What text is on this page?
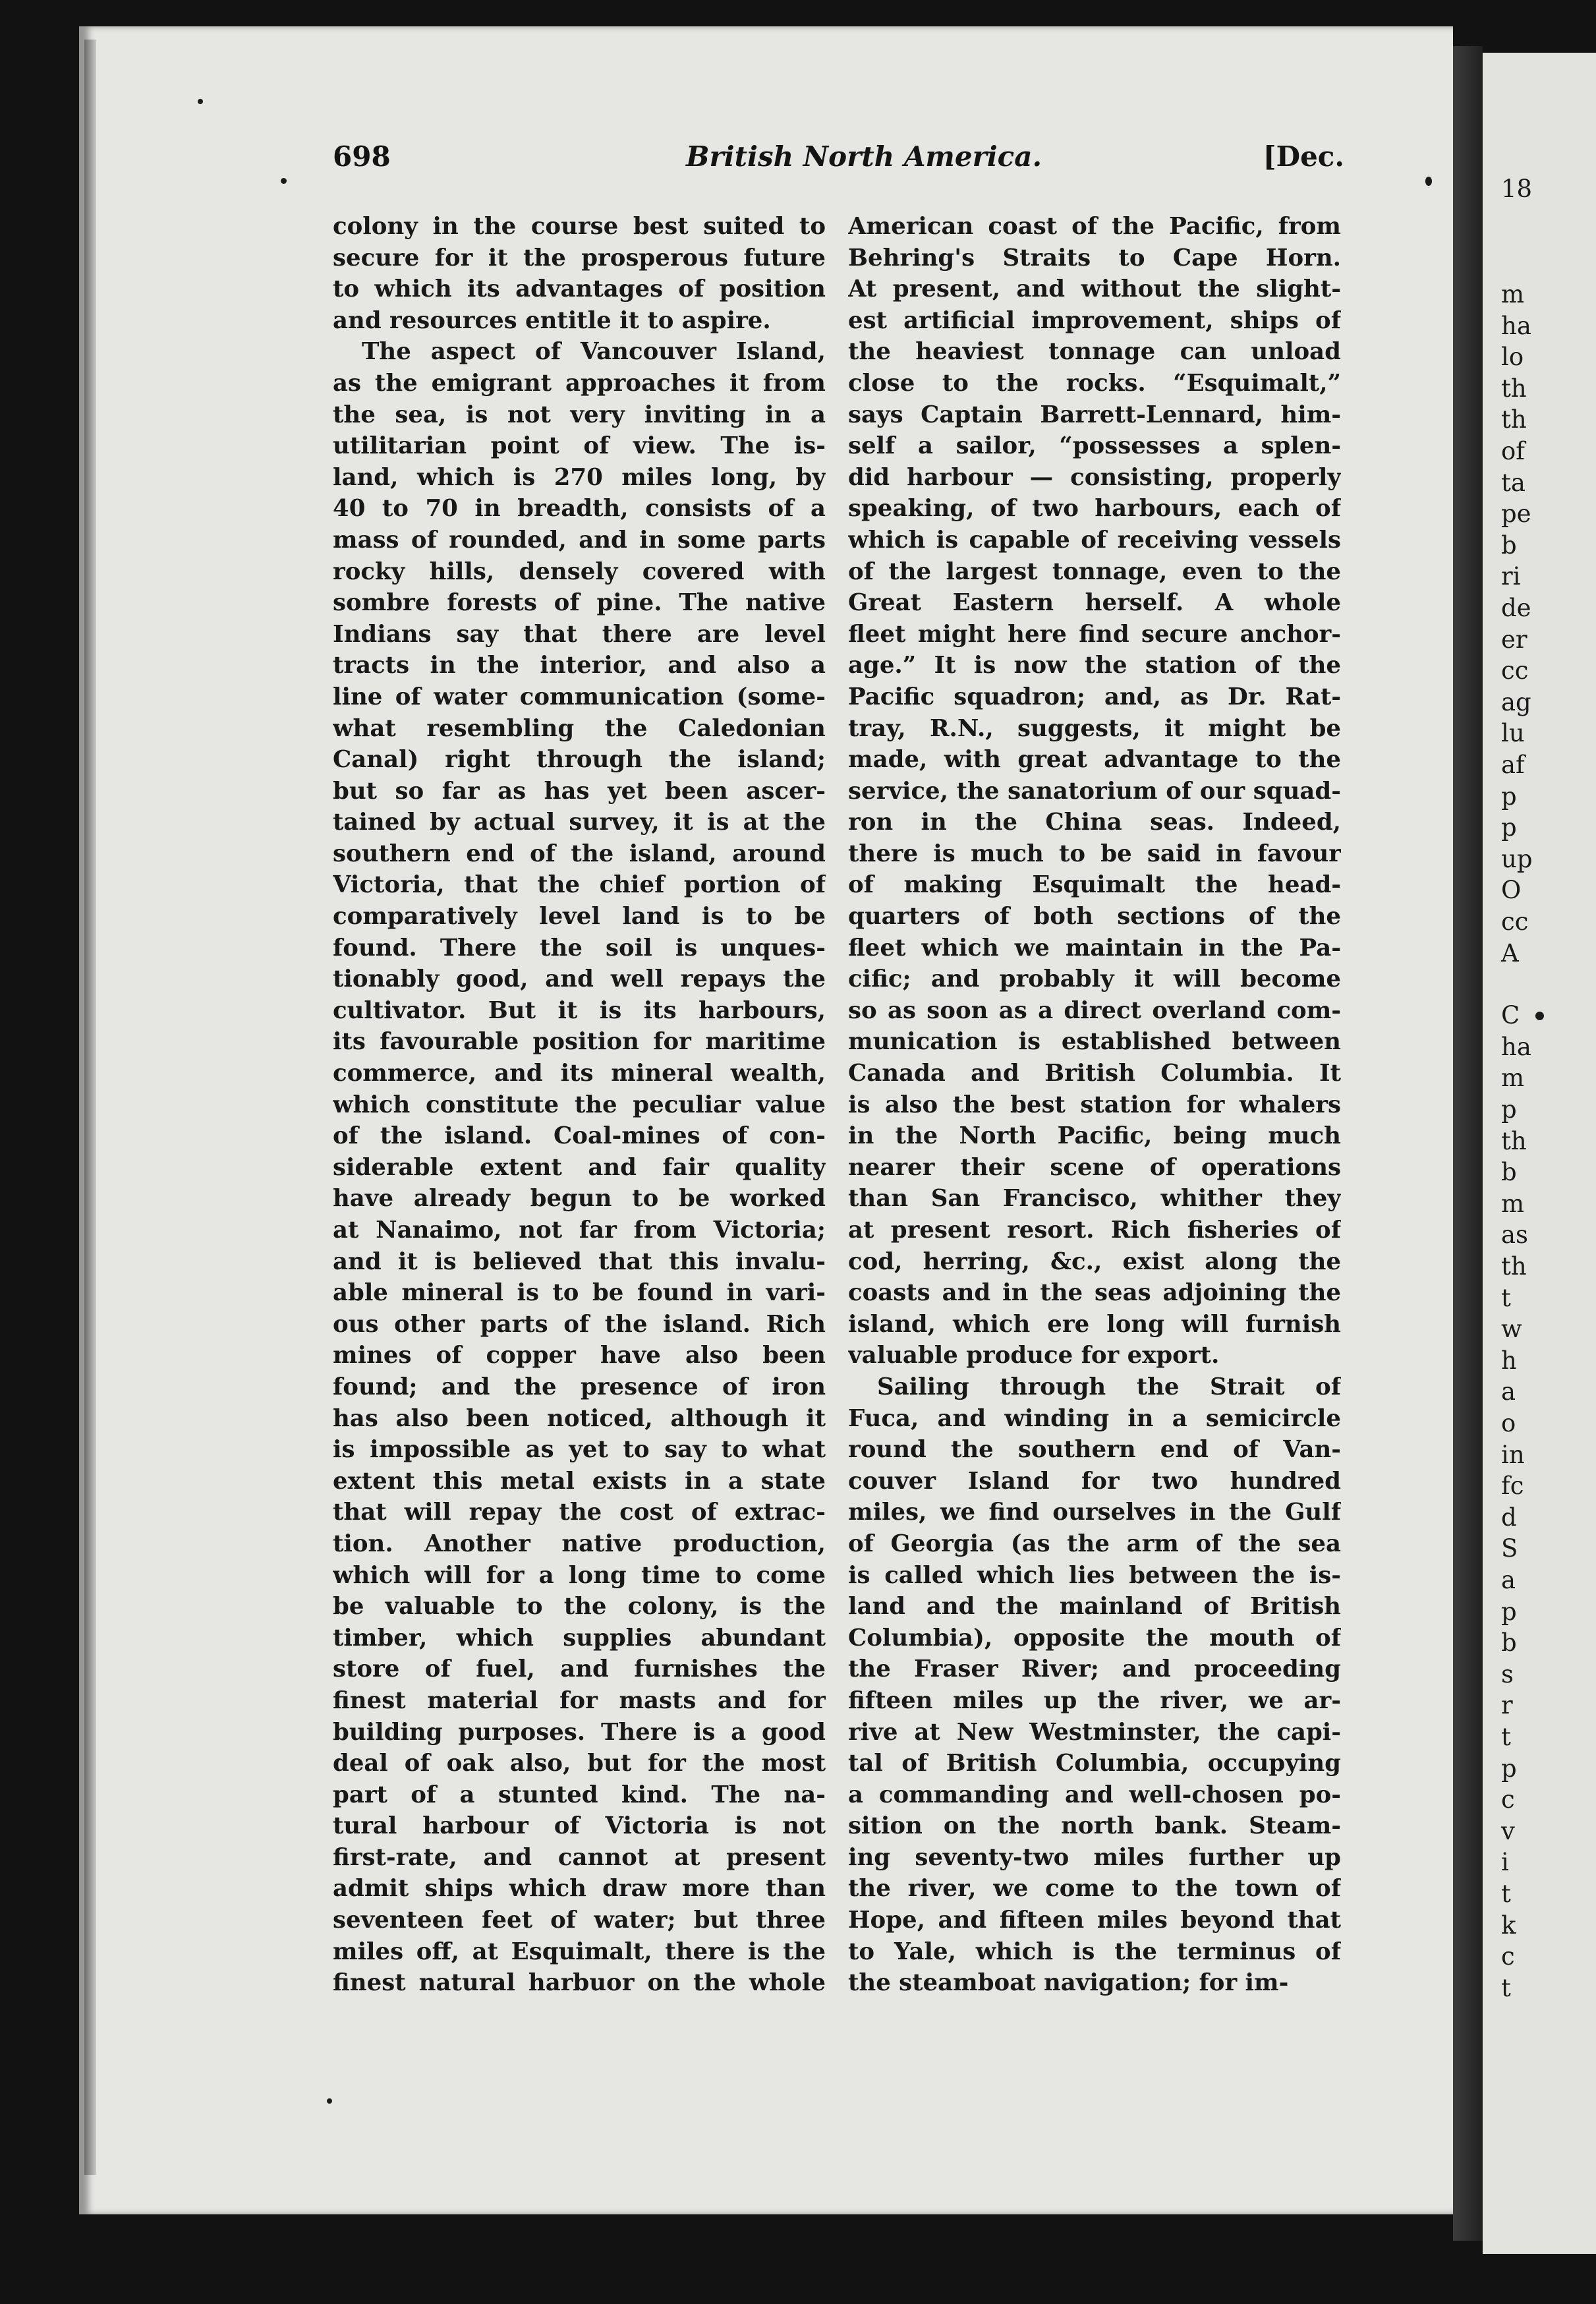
18
m
ha
lo
th
th
of
ta
pe
b
ri
de
er
cc
ag
lu
af
p
p
up
O
cc
A
C
ha
m
p
th
b
m
as
th
t
w
h
a
o
in
fc
d
S
a
p
b
s
r
t
p
c
v
i
t
k
c
t
698	British North America.	[Dec.
colony in the course best suited to
secure for it the prosperous future
to which its advantages of position
and resources entitle it to aspire.
The aspect of Vancouver Island,
as the emigrant approaches it from
the sea, is not very inviting in a
utilitarian point of view. The is-
land, which is 270 miles long, by
40 to 70 in breadth, consists of a
mass of rounded, and in some parts
rocky hills, densely covered with
sombre forests of pine. The native
Indians say that there are level
tracts in the interior, and also a
line of water communication (some-
what resembling the Caledonian
Canal) right through the island;
but so far as has yet been ascer-
tained by actual survey, it is at the
southern end of the island, around
Victoria, that the chief portion of
comparatively level land is to be
found. There the soil is unques-
tionably good, and well repays the
cultivator. But it is its harbours,
its favourable position for maritime
commerce, and its mineral wealth,
which constitute the peculiar value
of the island. Coal-mines of con-
siderable extent and fair quality
have already begun to be worked
at Nanaimo, not far from Victoria;
and it is believed that this invalu-
able mineral is to be found in vari-
ous other parts of the island. Rich
mines of copper have also been
found; and the presence of iron
has also been noticed, although it
is impossible as yet to say to what
extent this metal exists in a state
that will repay the cost of extrac-
tion. Another native production,
which will for a long time to come
be valuable to the colony, is the
timber, which supplies abundant
store of fuel, and furnishes the
finest material for masts and for
building purposes. There is a good
deal of oak also, but for the most
part of a stunted kind. The na-
tural harbour of Victoria is not
first-rate, and cannot at present
admit ships which draw more than
seventeen feet of water; but three
miles off, at Esquimalt, there is the
finest natural harbuor on the whole
American coast of the Pacific, from
Behring's Straits to Cape Horn.
At present, and without the slight-
est artificial improvement, ships of
the heaviest tonnage can unload
close to the rocks. “Esquimalt,”
says Captain Barrett-Lennard, him-
self a sailor, “possesses a splen-
did harbour — consisting, properly
speaking, of two harbours, each of
which is capable of receiving vessels
of the largest tonnage, even to the
Great Eastern herself. A whole
fleet might here find secure anchor-
age.” It is now the station of the
Pacific squadron; and, as Dr. Rat-
tray, R.N., suggests, it might be
made, with great advantage to the
service, the sanatorium of our squad-
ron in the China seas. Indeed,
there is much to be said in favour
of making Esquimalt the head-
quarters of both sections of the
fleet which we maintain in the Pa-
cific; and probably it will become
so as soon as a direct overland com-
munication is established between
Canada and British Columbia. It
is also the best station for whalers
in the North Pacific, being much
nearer their scene of operations
than San Francisco, whither they
at present resort. Rich fisheries of
cod, herring, &c., exist along the
coasts and in the seas adjoining the
island, which ere long will furnish
valuable produce for export.
Sailing through the Strait of
Fuca, and winding in a semicircle
round the southern end of Van-
couver Island for two hundred
miles, we find ourselves in the Gulf
of Georgia (as the arm of the sea
is called which lies between the is-
land and the mainland of British
Columbia), opposite the mouth of
the Fraser River; and proceeding
fifteen miles up the river, we ar-
rive at New Westminster, the capi-
tal of British Columbia, occupying
a commanding and well-chosen po-
sition on the north bank. Steam-
ing seventy-two miles further up
the river, we come to the town of
Hope, and fifteen miles beyond that
to Yale, which is the terminus of
the steamboat navigation; for im-
